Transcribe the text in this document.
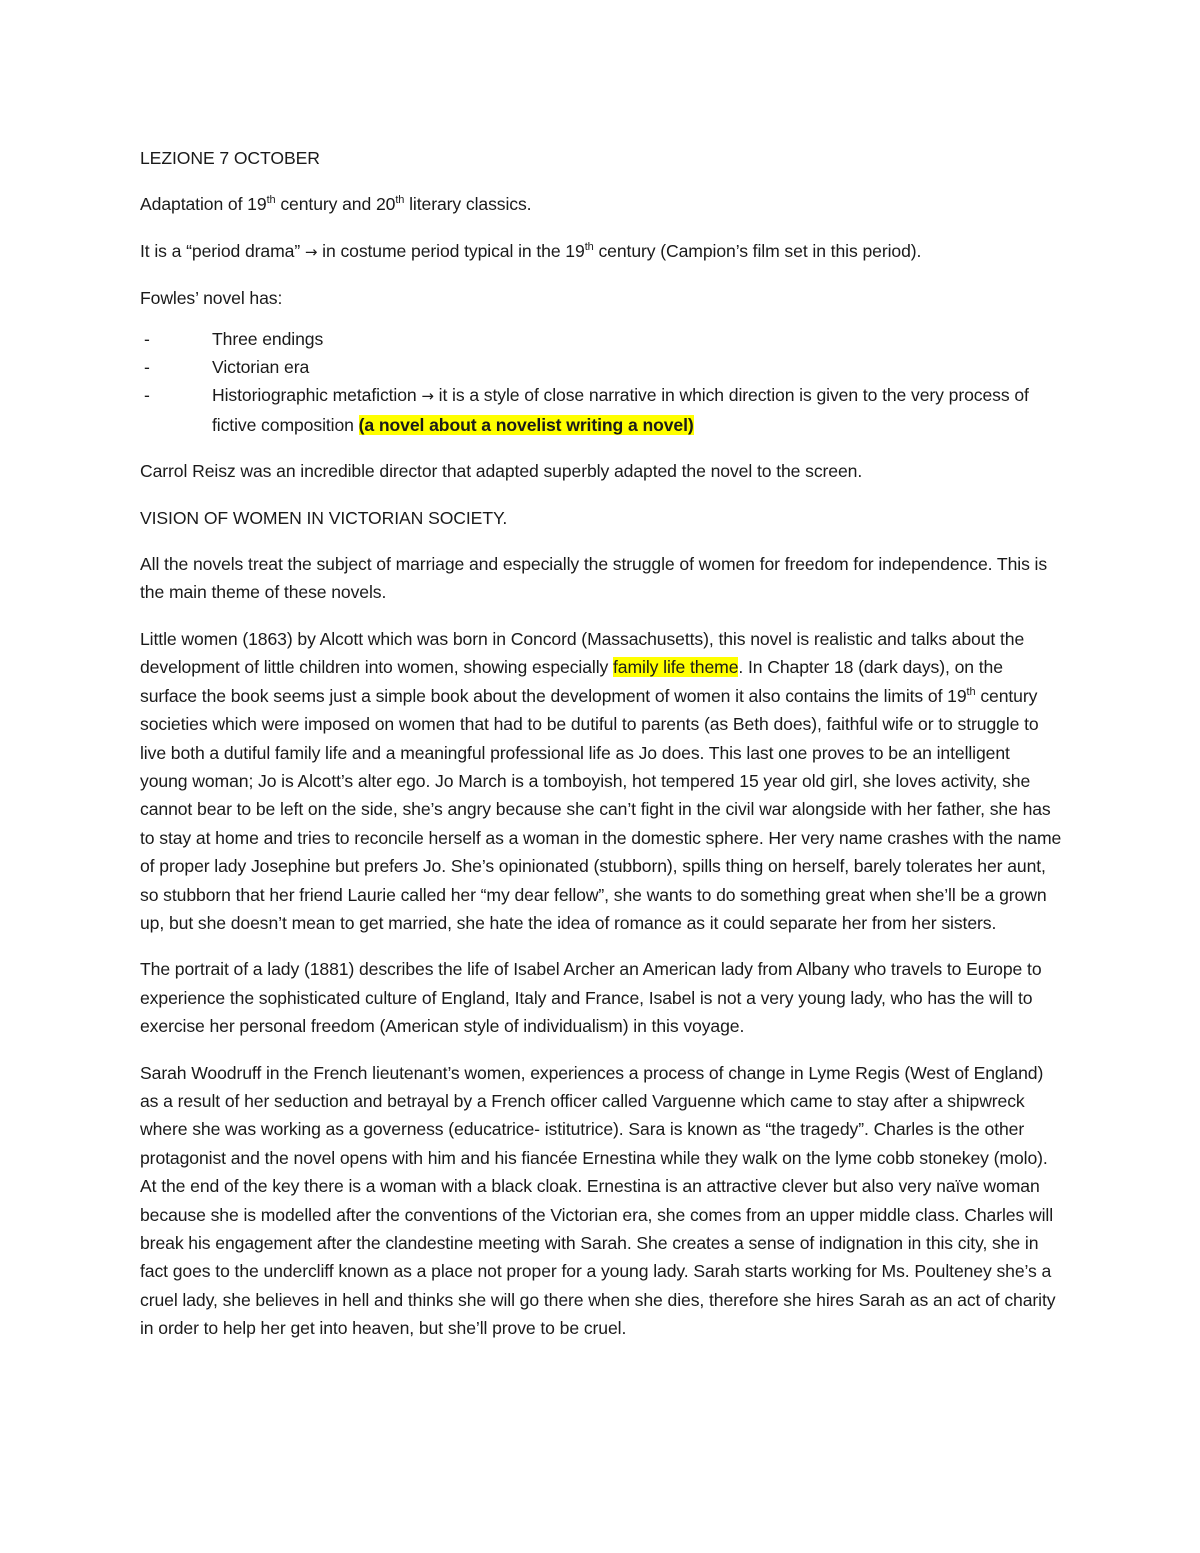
LEZIONE 7 OCTOBER

Adaptation of 19th century and 20th literary classics.

It is a “period drama” → in costume period typical in the 19th century (Campion’s film set in this period).

Fowles’ novel has:

-	Three endings
-	Victorian era
-	Historiographic metafiction → it is a style of close narrative in which direction is given to the very process of fictive composition (a novel about a novelist writing a novel)

Carrol Reisz was an incredible director that adapted superbly adapted the novel to the screen.

VISION OF WOMEN IN VICTORIAN SOCIETY.

All the novels treat the subject of marriage and especially the struggle of women for freedom for independence. This is the main theme of these novels.

Little women (1863) by Alcott which was born in Concord (Massachusetts), this novel is realistic and talks about the development of little children into women, showing especially family life theme. In Chapter 18 (dark days), on the surface the book seems just a simple book about the development of women it also contains the limits of 19th century societies which were imposed on women that had to be dutiful to parents (as Beth does), faithful wife or to struggle to live both a dutiful family life and a meaningful professional life as Jo does. This last one proves to be an intelligent young woman; Jo is Alcott’s alter ego. Jo March is a tomboyish, hot tempered 15 year old girl, she loves activity, she cannot bear to be left on the side, she’s angry because she can’t fight in the civil war alongside with her father, she has to stay at home and tries to reconcile herself as a woman in the domestic sphere. Her very name crashes with the name of proper lady Josephine but prefers Jo. She’s opinionated (stubborn), spills thing on herself, barely tolerates her aunt, so stubborn that her friend Laurie called her “my dear fellow”, she wants to do something great when she’ll be a grown up, but she doesn’t mean to get married, she hate the idea of romance as it could separate her from her sisters.

The portrait of a lady (1881) describes the life of Isabel Archer an American lady from Albany who travels to Europe to experience the sophisticated culture of England, Italy and France, Isabel is not a very young lady, who has the will to exercise her personal freedom (American style of individualism) in this voyage.

Sarah Woodruff in the French lieutenant’s women, experiences a process of change in Lyme Regis (West of England) as a result of her seduction and betrayal by a French officer called Varguenne which came to stay after a shipwreck where she was working as a governess (educatrice- istitutrice). Sara is known as “the tragedy”. Charles is the other protagonist and the novel opens with him and his fiancée Ernestina while they walk on the lyme cobb stonekey (molo). At the end of the key there is a woman with a black cloak. Ernestina is an attractive clever but also very naïve woman because she is modelled after the conventions of the Victorian era, she comes from an upper middle class. Charles will break his engagement after the clandestine meeting with Sarah. She creates a sense of indignation in this city, she in fact goes to the undercliff known as a place not proper for a young lady. Sarah starts working for Ms. Poulteney she’s a cruel lady, she believes in hell and thinks she will go there when she dies, therefore she hires Sarah as an act of charity in order to help her get into heaven, but she’ll prove to be cruel.
